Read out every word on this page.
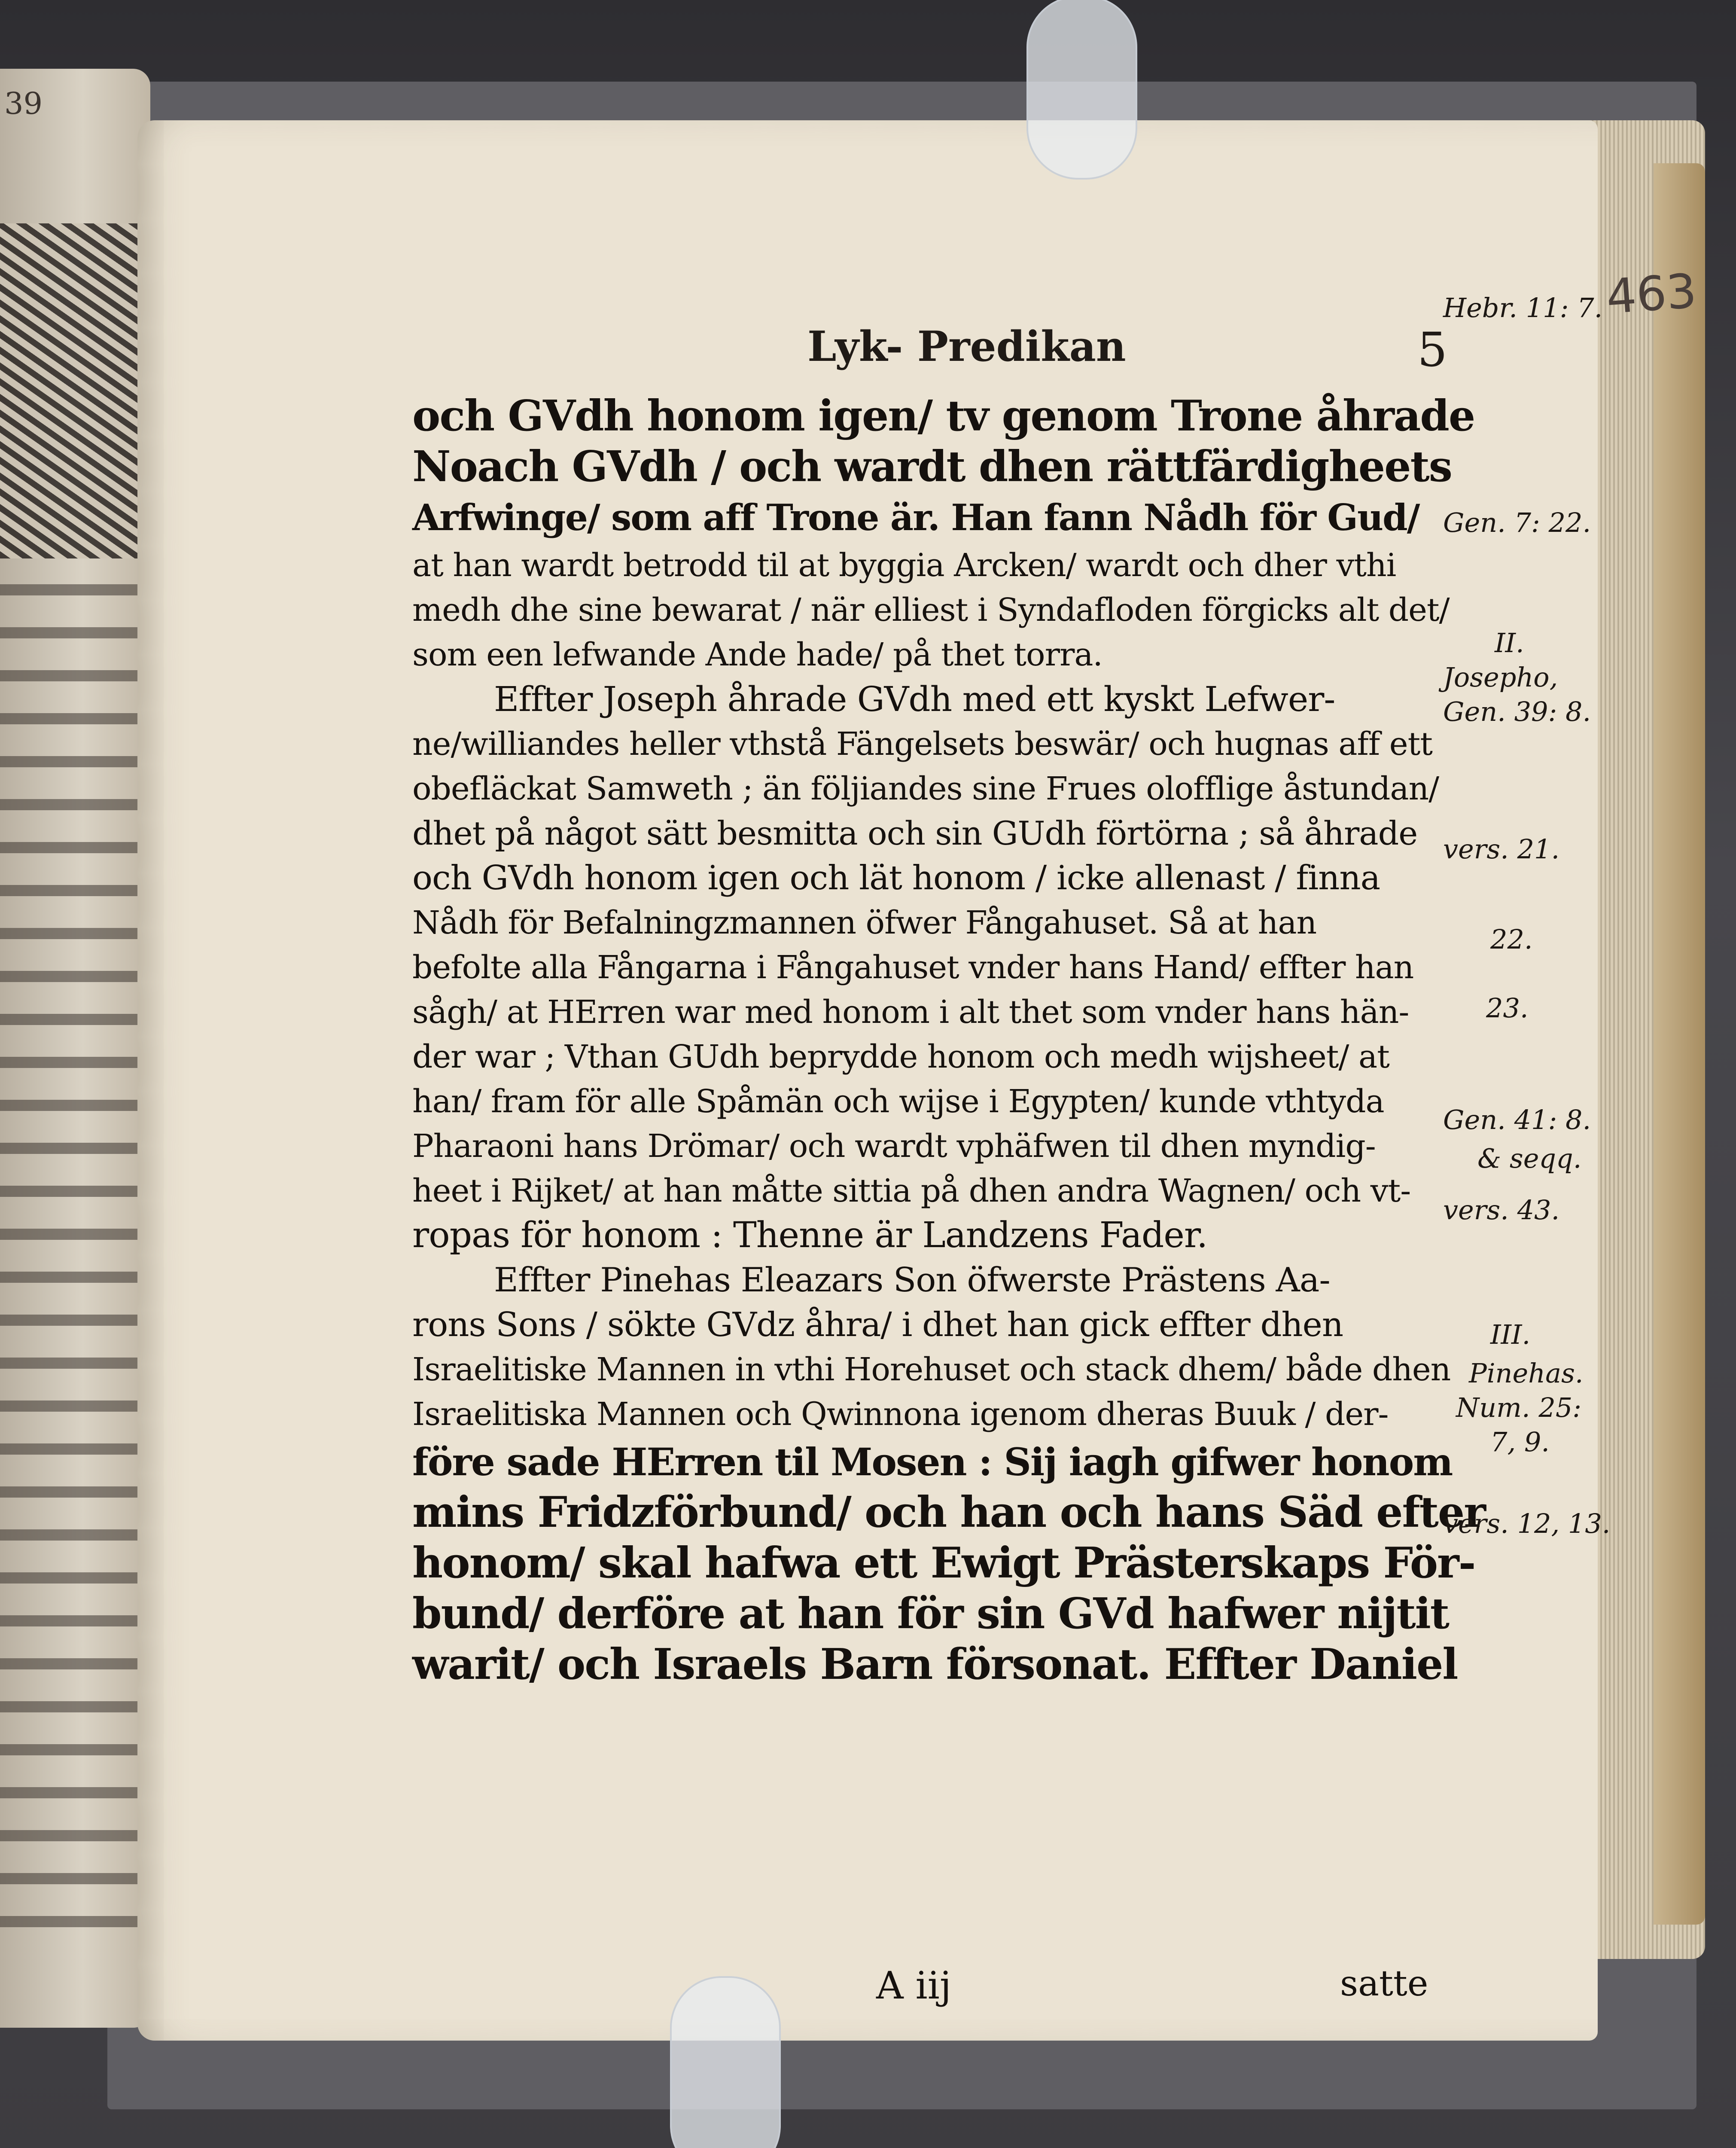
39
463
Lyk- Predikan	5
och GVdh honom igen/ tv genom Trone åhrade
Noach GVdh / och wardt dhen rättfärdigheets
Arfwinge/ som aff Trone är. Han fann Nådh för Gud/
at han wardt betrodd til at byggia Arcken/ wardt och dher vthi
medh dhe sine bewarat / när elliest i Syndafloden förgicks alt det/
som een lefwande Ande hade/ på thet torra.
Effter Joseph åhrade GVdh med ett kyskt Lefwer-
ne/williandes heller vthstå Fängelsets beswär/ och hugnas aff ett
obefläckat Samweth ; än följiandes sine Frues olofflige åstundan/
dhet på något sätt besmitta och sin GUdh förtörna ; så åhrade
och GVdh honom igen och lät honom / icke allenast / finna
Nådh för Befalningzmannen öfwer Fångahuset. Så at han
befolte alla Fångarna i Fångahuset vnder hans Hand/ effter han
sågh/ at HErren war med honom i alt thet som vnder hans hän-
der war ; Vthan GUdh beprydde honom och medh wijsheet/ at
han/ fram för alle Spåmän och wijse i Egypten/ kunde vthtyda
Pharaoni hans Drömar/ och wardt vphäfwen til dhen myndig-
heet i Rijket/ at han måtte sittia på dhen andra Wagnen/ och vt-
ropas för honom : Thenne är Landzens Fader.
Effter Pinehas Eleazars Son öfwerste Prästens Aa-
rons Sons / sökte GVdz åhra/ i dhet han gick effter dhen
Israelitiske Mannen in vthi Horehuset och stack dhem/ både dhen
Israelitiska Mannen och Qwinnona igenom dheras Buuk / der-
före sade HErren til Mosen : Sij iagh gifwer honom
mins Fridzförbund/ och han och hans Säd efter
honom/ skal hafwa ett Ewigt Prästerskaps För-
bund/ derföre at han för sin GVd hafwer nijtit
warit/ och Israels Barn försonat. Effter Daniel
A iij	satte
Hebr. 11: 7.
Gen. 7: 22.
II.
Josepho,
Gen. 39: 8.
vers. 21.
22.
23.
Gen. 41: 8.
& seqq.
vers. 43.
III.
Pinehas.
Num. 25:
7, 9.
vers. 12, 13.
